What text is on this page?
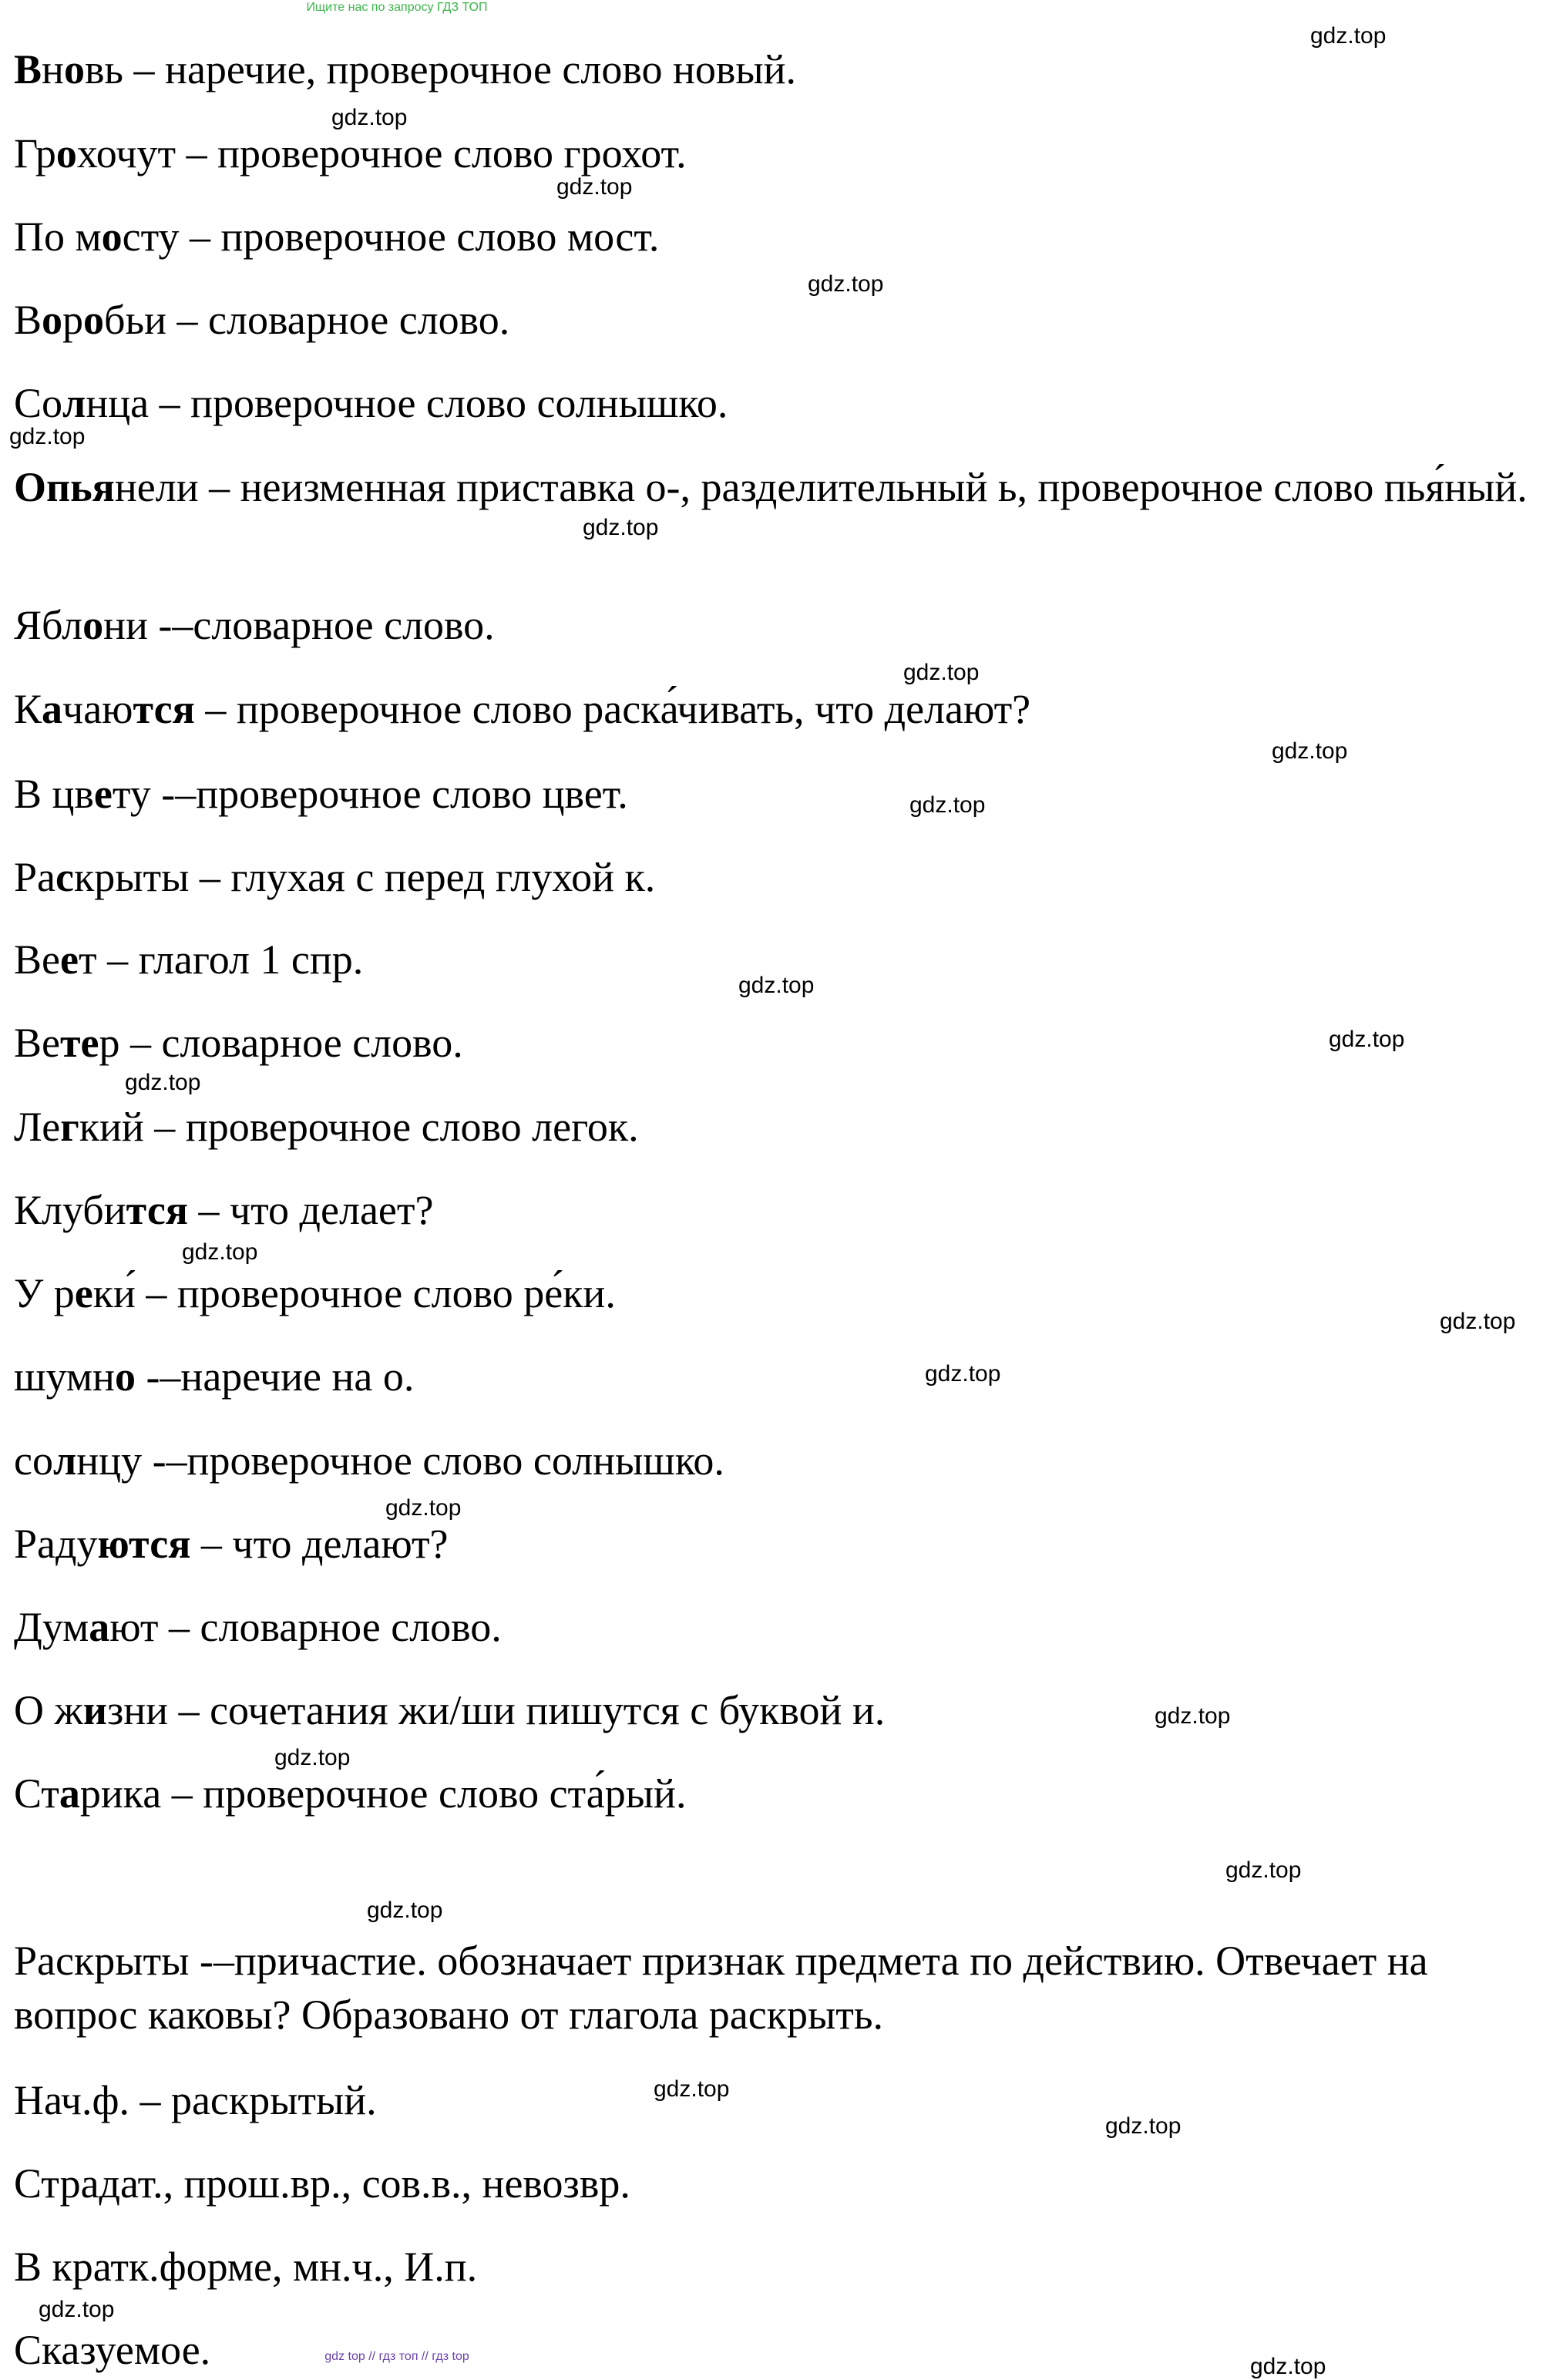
Ищите нас по запросу ГДЗ ТОП
Вновь – наречие, проверочное слово новый.
Грохочут – проверочное слово грохот.
По мосту – проверочное слово мост.
Воробьи – словарное слово.
Солнца – проверочное слово солнышко.
Опьянели – неизменная приставка о-, разделительный ь, проверочное слово пья́ный.
Яблони -–словарное слово.
Качаются – проверочное слово раска́чивать, что делают?
В цвету -–проверочное слово цвет.
Раскрыты – глухая с перед глухой к.
Веет – глагол 1 спр.
Ветер – словарное слово.
Легкий – проверочное слово легок.
Клубится – что делает?
У реки́ – проверочное слово ре́ки.
шумно -–наречие на о.
солнцу -–проверочное слово солнышко.
Радуются – что делают?
Думают – словарное слово.
О жизни – сочетания жи/ши пишутся с буквой и.
Старика – проверочное слово ста́рый.
Раскрыты -–причастие. обозначает признак предмета по действию. Отвечает на вопрос каковы? Образовано от глагола раскрыть.
Нач.ф. – раскрытый.
Страдат., прош.вр., сов.в., невозвр.
В кратк.форме, мн.ч., И.п.
Сказуемое.
gdz.top
gdz.top
gdz.top
gdz.top
gdz.top
gdz.top
gdz.top
gdz.top
gdz.top
gdz.top
gdz.top
gdz.top
gdz.top
gdz.top
gdz.top
gdz.top
gdz.top
gdz.top
gdz.top
gdz.top
gdz.top
gdz.top
gdz.top
gdz.top
gdz top // гдз топ // гдз top
